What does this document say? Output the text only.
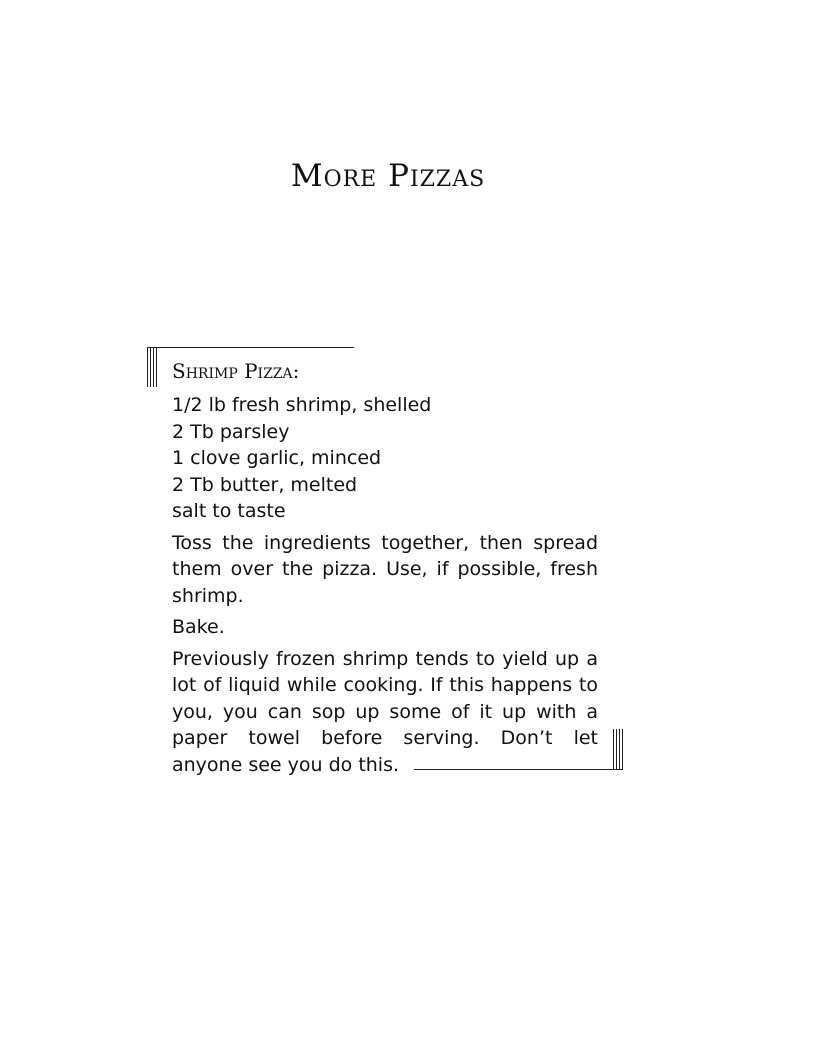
More Pizzas
Shrimp Pizza:
1/2 lb fresh shrimp, shelled
2 Tb parsley
1 clove garlic, minced
2 Tb butter, melted
salt to taste

Toss the ingredients together, then spread them over the pizza. Use, if possible, fresh shrimp.

Bake.

Previously frozen shrimp tends to yield up a lot of liquid while cooking. If this happens to you, you can sop up some of it up with a paper towel before serving. Don’t let anyone see you do this.
